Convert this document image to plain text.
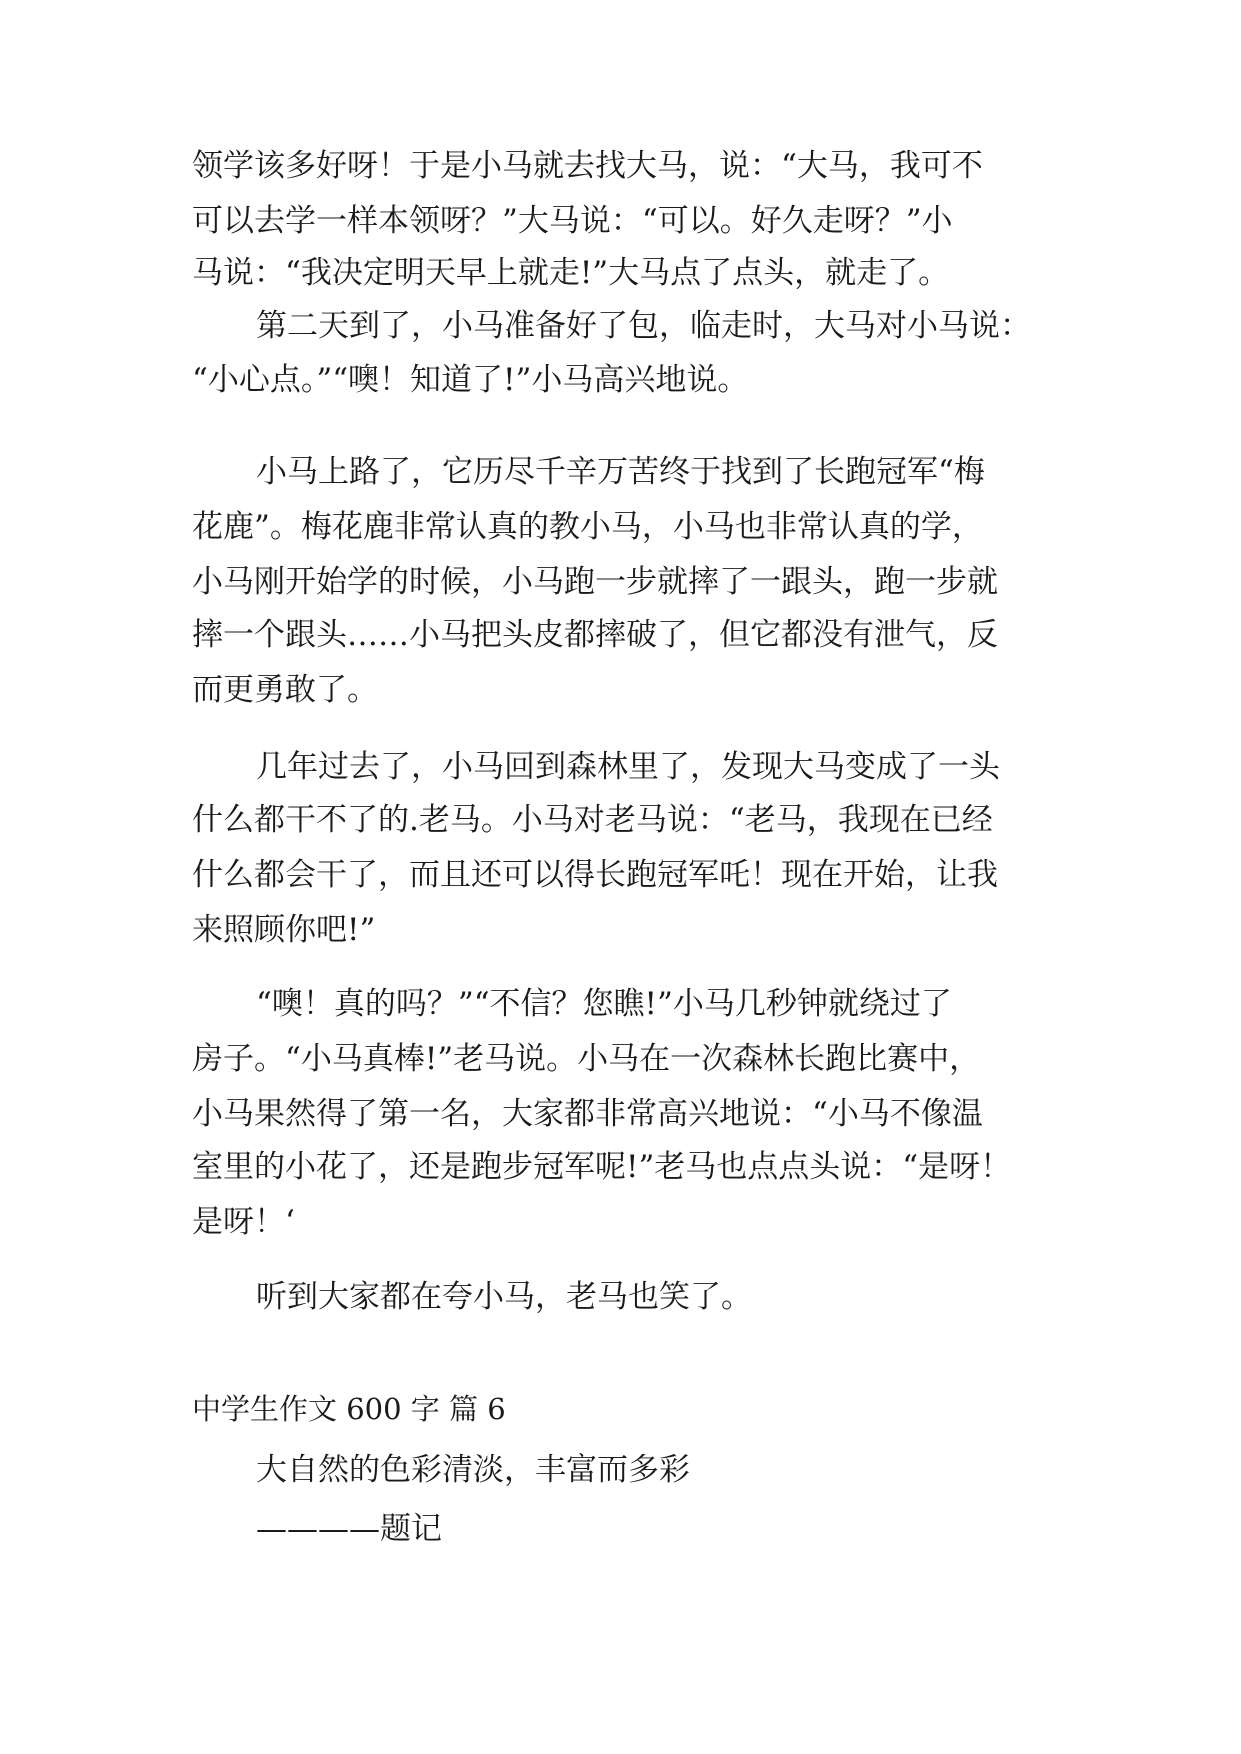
领学该多好呀！于是小马就去找大马，说：“大马，我可不
可以去学一样本领呀？”大马说：“可以。好久走呀？”小
马说：“我决定明天早上就走!”大马点了点头，就走了。
第二天到了，小马准备好了包，临走时，大马对小马说：
“小心点。”“噢！知道了!”小马高兴地说。
小马上路了，它历尽千辛万苦终于找到了长跑冠军“梅
花鹿”。梅花鹿非常认真的教小马，小马也非常认真的学，
小马刚开始学的时候，小马跑一步就摔了一跟头，跑一步就
摔一个跟头……小马把头皮都摔破了，但它都没有泄气，反
而更勇敢了。
几年过去了，小马回到森林里了，发现大马变成了一头
什么都干不了的.老马。小马对老马说：“老马，我现在已经
什么都会干了，而且还可以得长跑冠军吒！现在开始，让我
来照顾你吧!”
“噢！真的吗？”“不信？您瞧!”小马几秒钟就绕过了
房子。“小马真棒!”老马说。小马在一次森林长跑比赛中，
小马果然得了第一名，大家都非常高兴地说：“小马不像温
室里的小花了，还是跑步冠军呢!”老马也点点头说：“是呀！
是呀！‘
听到大家都在夸小马，老马也笑了。
中学生作文 600 字 篇 6
大自然的色彩清淡，丰富而多彩
————题记
